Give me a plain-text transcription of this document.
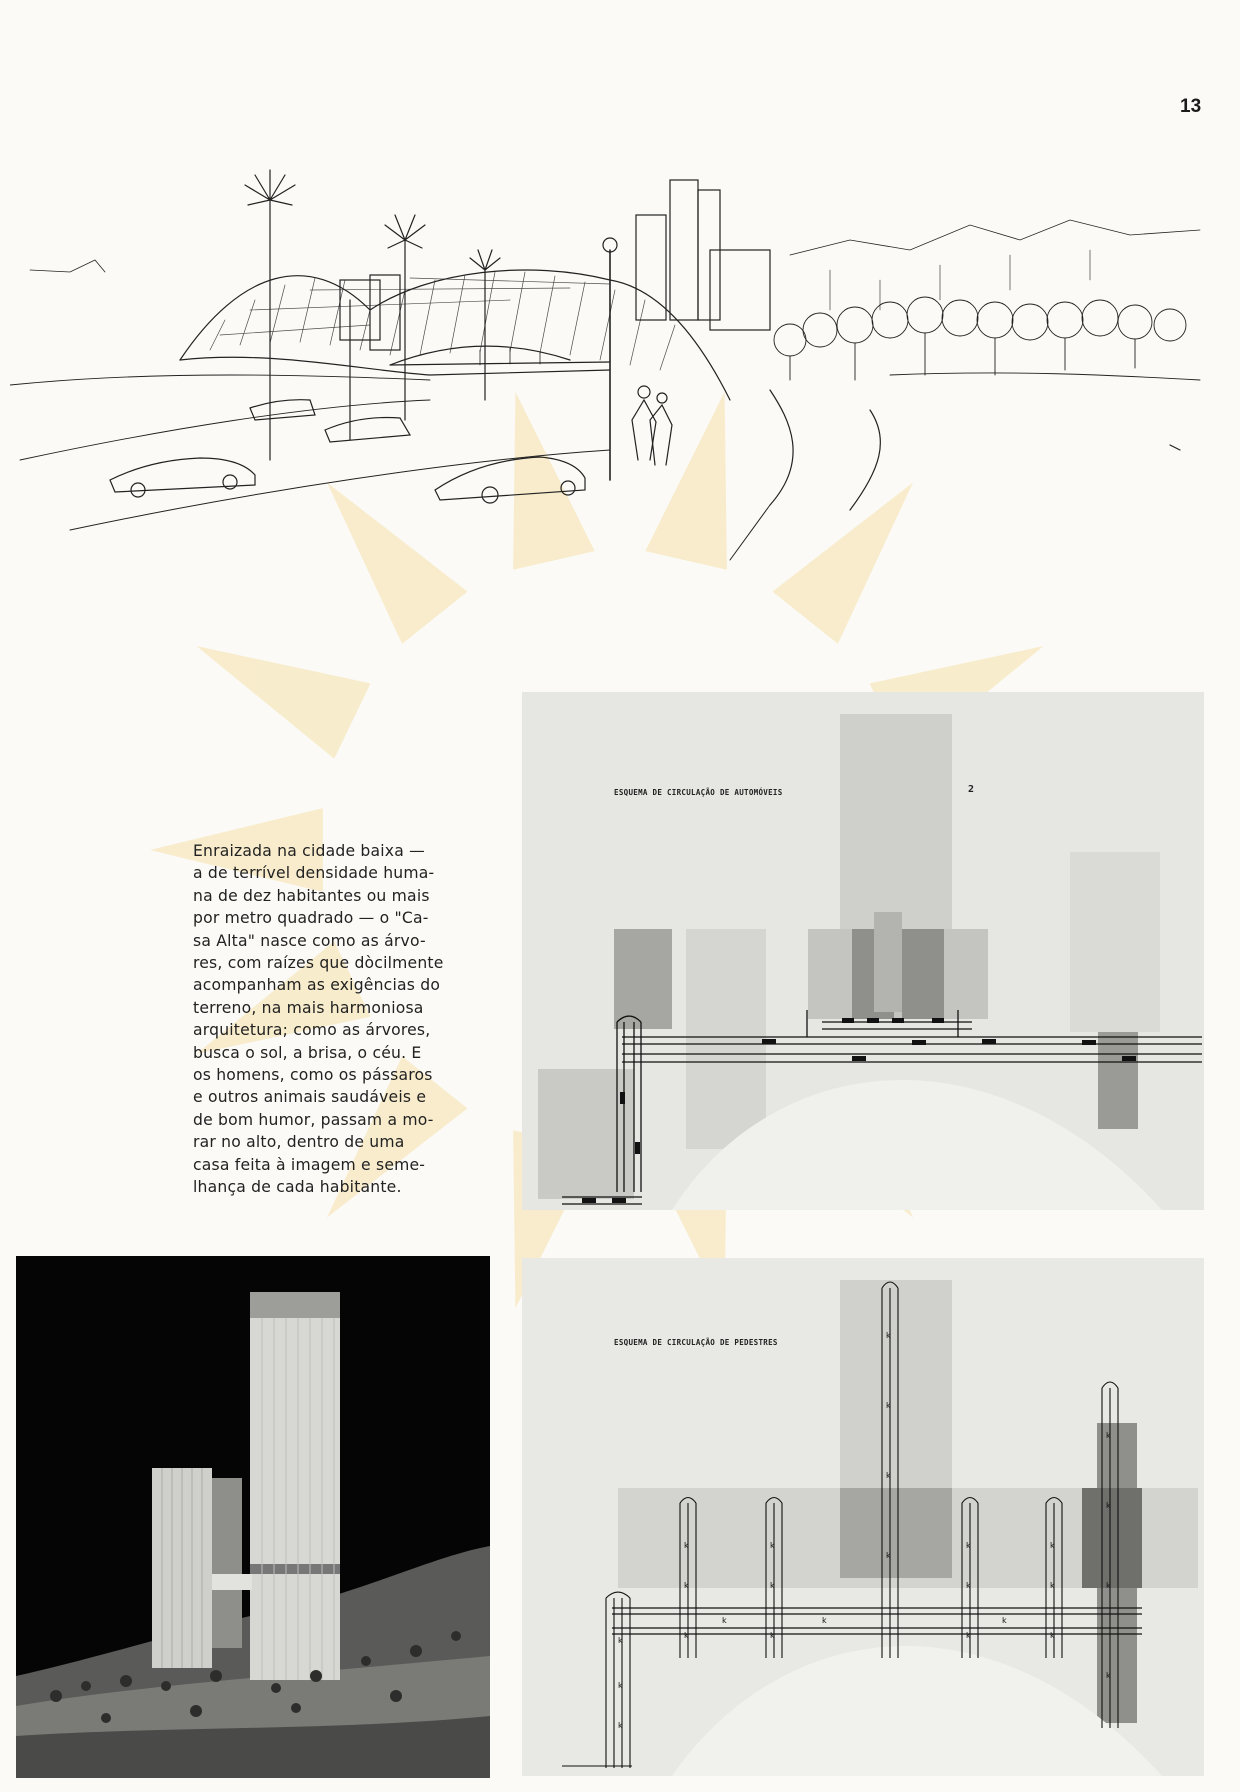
13

Enraizada na cidade baixa —

a de terrível densidade huma-

na de dez habitantes ou mais

por metro quadrado — o "Ca-

sa Alta" nasce como as árvo-

res, com raízes que dòcilmente

acompanham as exigências do

terreno, na mais harmoniosa

arquitetura; como as árvores,

busca o sol, a brisa, o céu. E

os homens, como os pássaros

e outros animais saudáveis e

de bom humor, passam a mo-

rar no alto, dentro de uma

casa feita à imagem e seme-

lhança de cada habitante.

ESQUEMA DE CIRCULAÇÃO DE AUTOMÓVEIS	2
k
k
k
k
k
k
k
k
k
k
k
k
k
k
k
k
k
k
k
k
k
k
k
k	k	k
ESQUEMA DE CIRCULAÇÃO DE PEDESTRES
